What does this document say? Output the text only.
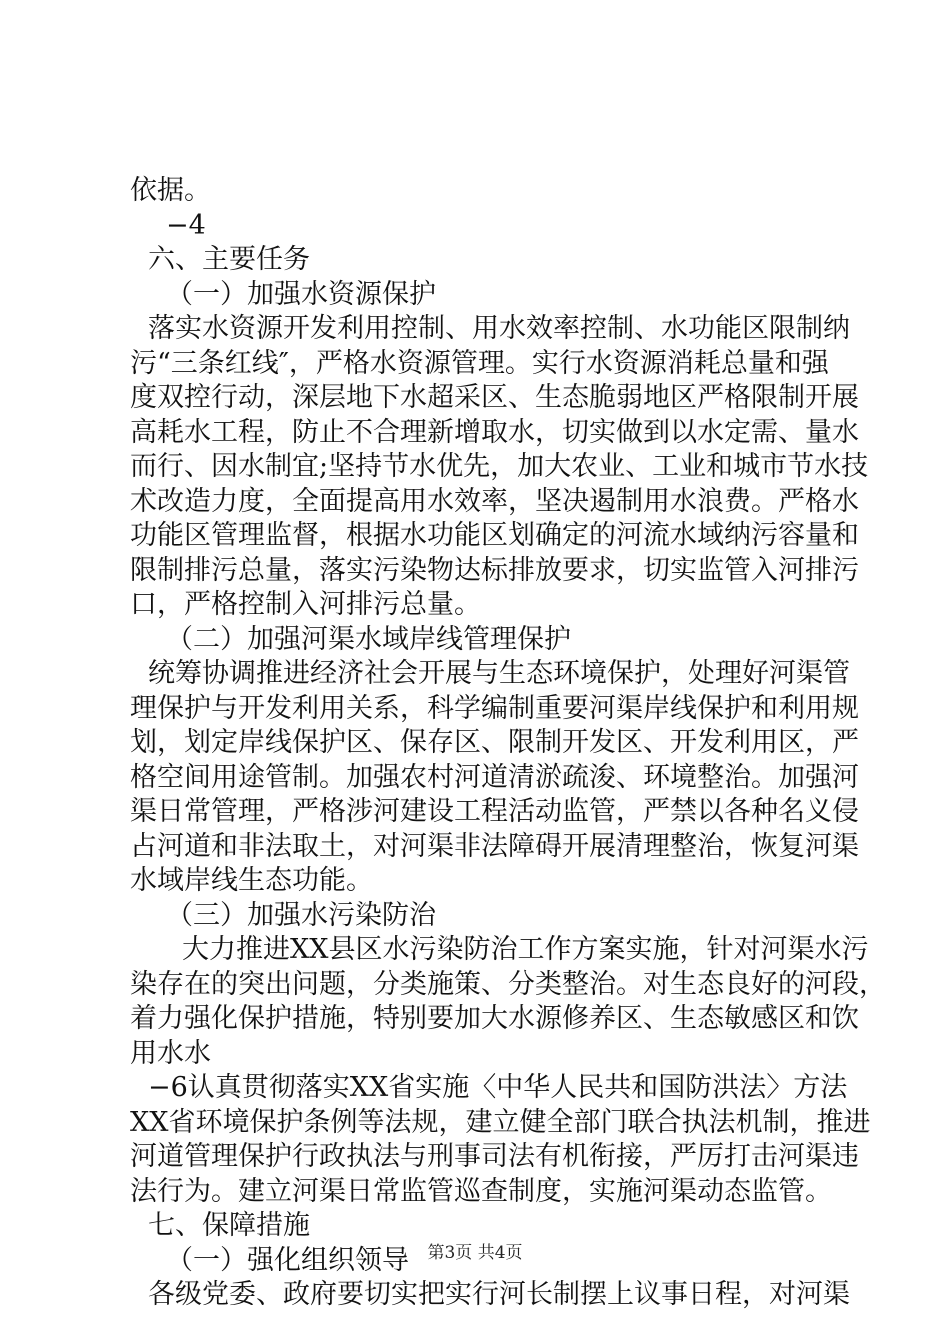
依据。
−4
六、主要任务
（一）加强水资源保护
落实水资源开发利用控制、用水效率控制、水功能区限制纳
污“三条红线″，严格水资源管理。实行水资源消耗总量和强
度双控行动，深层地下水超采区、生态脆弱地区严格限制开展
高耗水工程，防止不合理新增取水，切实做到以水定需、量水
而行、因水制宜;坚持节水优先，加大农业、工业和城市节水技
术改造力度，全面提高用水效率，坚决遏制用水浪费。严格水
功能区管理监督，根据水功能区划确定的河流水域纳污容量和
限制排污总量，落实污染物达标排放要求，切实监管入河排污
口，严格控制入河排污总量。
（二）加强河渠水域岸线管理保护
统筹协调推进经济社会开展与生态环境保护，处理好河渠管
理保护与开发利用关系，科学编制重要河渠岸线保护和利用规
划，划定岸线保护区、保存区、限制开发区、开发利用区，严
格空间用途管制。加强农村河道清淤疏浚、环境整治。加强河
渠日常管理，严格涉河建设工程活动监管，严禁以各种名义侵
占河道和非法取土，对河渠非法障碍开展清理整治，恢复河渠
水域岸线生态功能。
（三）加强水污染防治
大力推进XX县区水污染防治工作方案实施，针对河渠水污
染存在的突出问题，分类施策、分类整治。对生态良好的河段，
着力强化保护措施，特别要加大水源修养区、生态敏感区和饮
用水水
−6认真贯彻落实XX省实施〈中华人民共和国防洪法〉方法
XX省环境保护条例等法规，建立健全部门联合执法机制，推进
河道管理保护行政执法与刑事司法有机衔接，严厉打击河渠违
法行为。建立河渠日常监管巡查制度，实施河渠动态监管。
七、保障措施
（一）强化组织领导
各级党委、政府要切实把实行河长制摆上议事日程，对河渠
第3页 共4页
